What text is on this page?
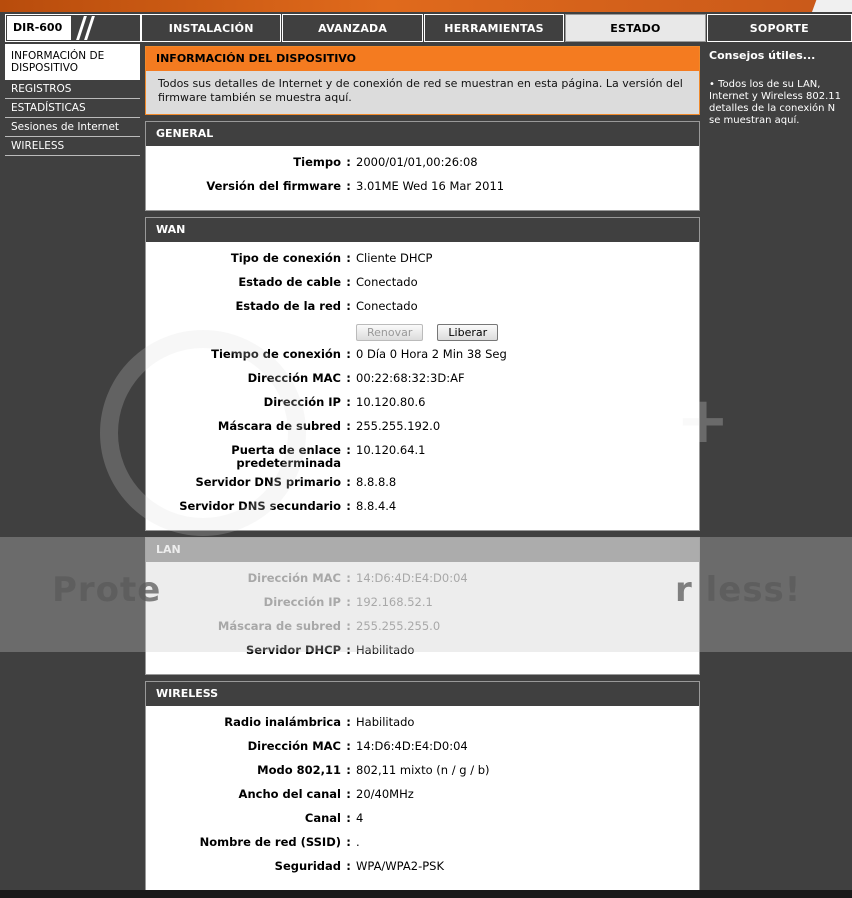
DIR-600	INSTALACIÓN	AVANZADA	HERRAMIENTAS	ESTADO	SOPORTE
INFORMACIÓN DE DISPOSITIVO
REGISTROS
ESTADÍSTICAS
Sesiones de Internet
WIRELESS
INFORMACIÓN DEL DISPOSITIVO
Todos sus detalles de Internet y de conexión de red se muestran en esta página. La versión del firmware también se muestra aquí.
GENERAL
Tiempo : 2000/01/01,00:26:08
Versión del firmware : 3.01ME Wed 16 Mar 2011
WAN
Tipo de conexión : Cliente DHCP
Estado de cable : Conectado
Estado de la red : Conectado
Renovar	Liberar
Tiempo de conexión : 0 Día 0 Hora 2 Min 38 Seg
Dirección MAC : 00:22:68:32:3D:AF
Dirección IP : 10.120.80.6
Máscara de subred : 255.255.192.0
Puerta de enlace predeterminada
: 10.120.64.1
Servidor DNS primario : 8.8.8.8
Servidor DNS secundario : 8.8.4.4
LAN
Dirección MAC : 14:D6:4D:E4:D0:04
Dirección IP : 192.168.52.1
Máscara de subred : 255.255.255.0
Servidor DHCP : Habilitado
WIRELESS
Radio inalámbrica : Habilitado
Dirección MAC : 14:D6:4D:E4:D0:04
Modo 802,11 : 802,11 mixto (n / g / b)
Ancho del canal : 20/40MHz
Canal : 4
Nombre de red (SSID) : .
Seguridad : WPA/WPA2-PSK
Consejos útiles...
• Todos los de su LAN, Internet y Wireless 802.11 detalles de la conexión N se muestran aquí.
+
Prote	r less!
